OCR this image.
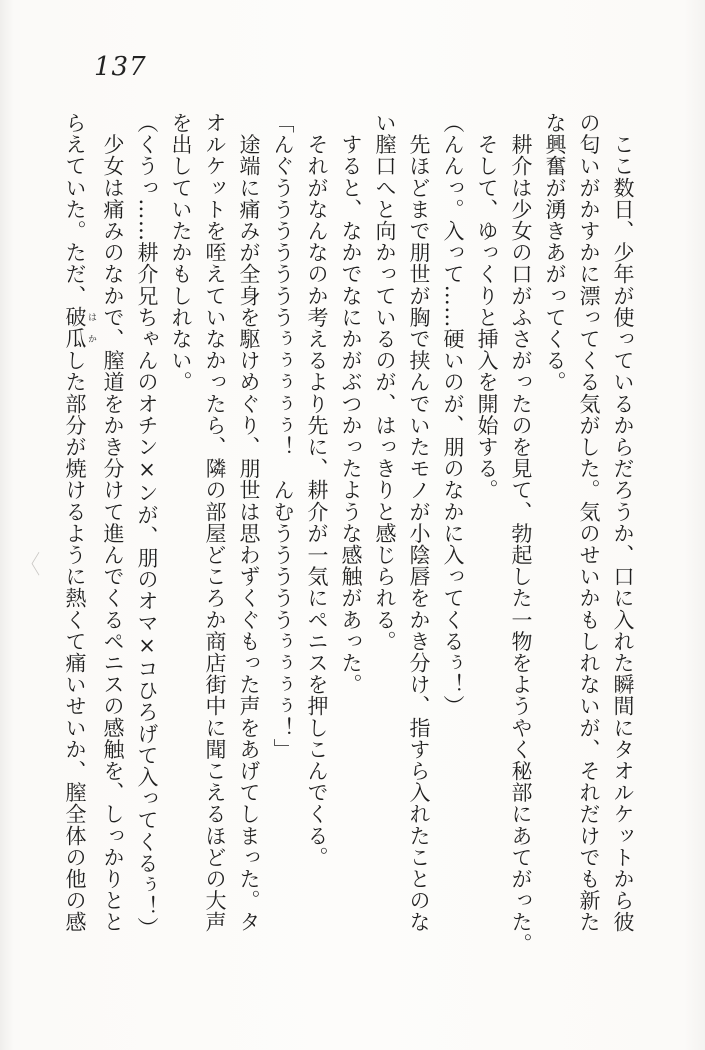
137
　ここ数日、少年が使っているからだろうか、口に入れた瞬間にタオルケットから彼
の匂いがかすかに漂ってくる気がした。気のせいかもしれないが、それだけでも新た
な興奮が湧きあがってくる。
　耕介は少女の口がふさがったのを見て、勃起した一物をようやく秘部にあてがった。
　そして、ゆっくりと挿入を開始する。
（んんっ。入って……硬いのが、朋のなかに入ってくるぅ！）
　先ほどまで朋世が胸で挟んでいたモノが小陰唇をかき分け、指すら入れたことのな
い膣口へと向かっているのが、はっきりと感じられる。
　すると、なかでなにかがぶつかったような感触があった。
　それがなんなのか考えるより先に、耕介が一気にペニスを押しこんでくる。
「んぐうううううううぅぅぅぅぅ！　んむうううううぅぅぅぅ！」
　途端に痛みが全身を駆けめぐり、朋世は思わずくぐもった声をあげてしまった。タ
オルケットを咥えていなかったら、隣の部屋どころか商店街中に聞こえるほどの大声
を出していたかもしれない。
（くうっ……耕介兄ちゃんのオチン×ンが、朋のオマ×コひろげて入ってくるぅ！）
　少女は痛みのなかで、膣道をかき分けて進んでくるペニスの感触を、しっかりとと
らえていた。ただ、破瓜 はかした部分が焼けるように熱くて痛いせいか、膣全体の他の感
〈
